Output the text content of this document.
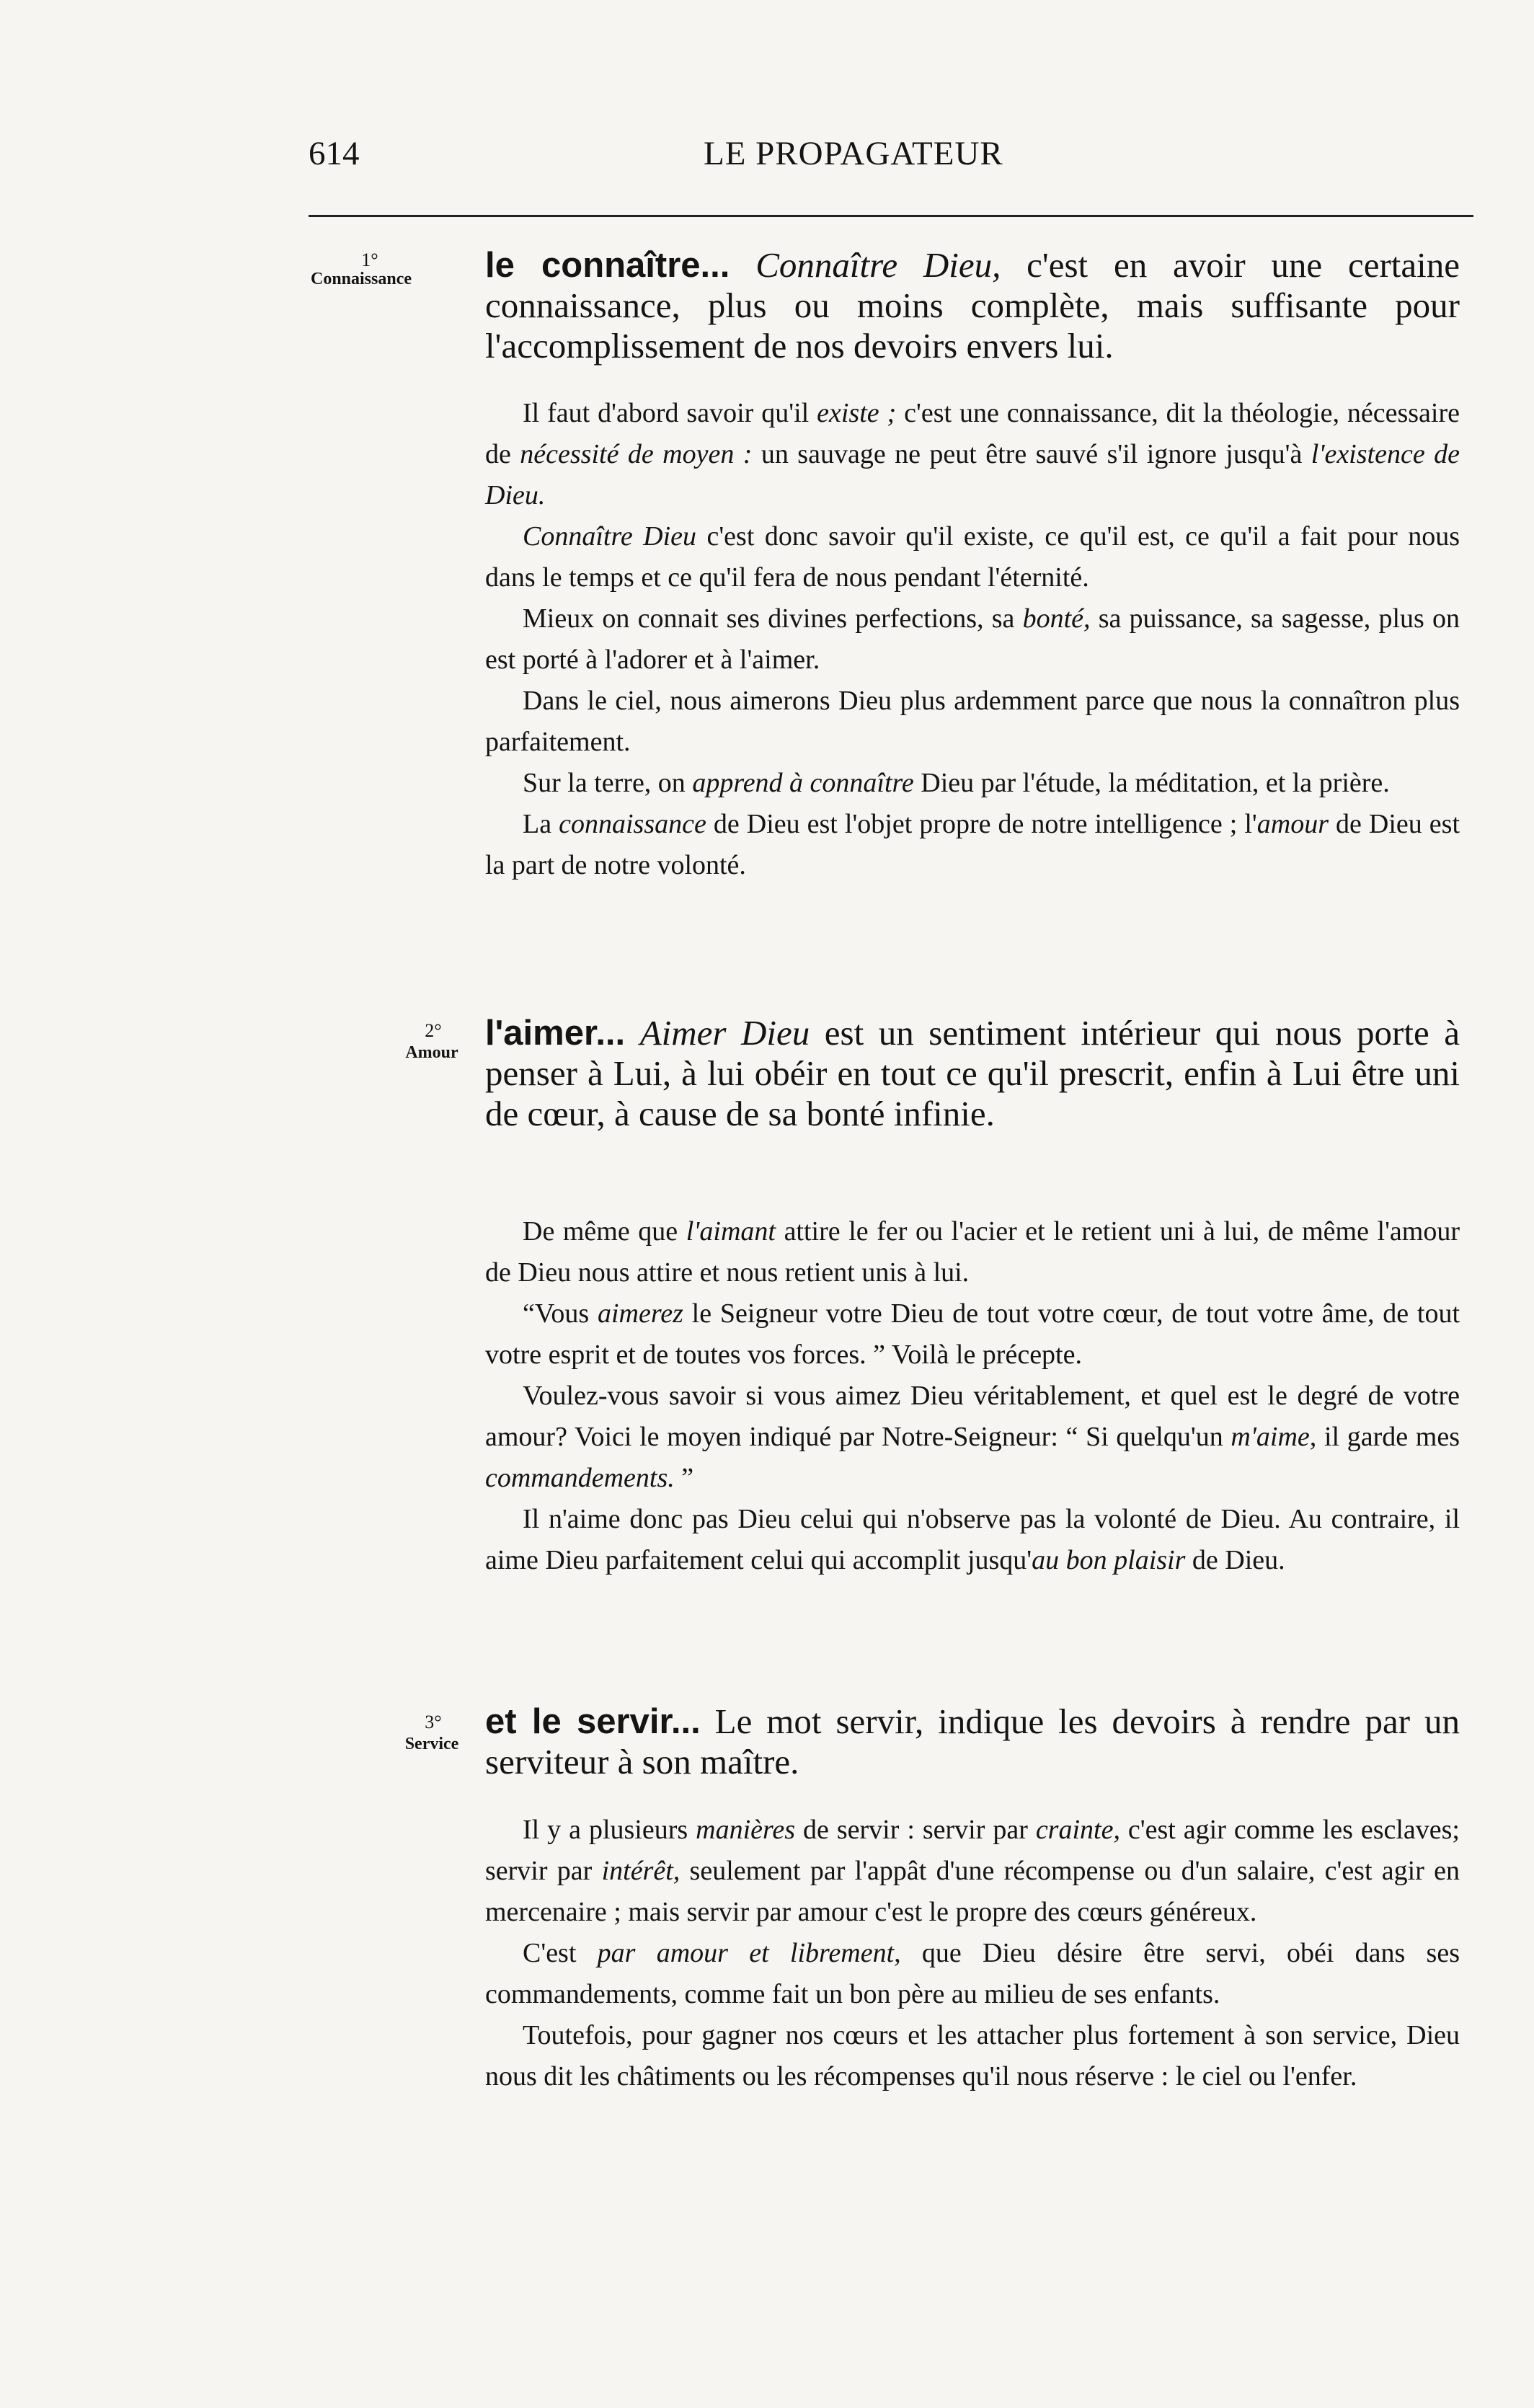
614	LE PROPAGATEUR
1°
Connaissance	le connaître... Connaître Dieu, c'est en avoir une certaine connaissance, plus ou moins complète, mais suffisante pour l'accomplissement de nos devoirs envers lui.

Il faut d'abord savoir qu'il existe ; c'est une connaissance, dit la théologie, nécessaire de nécessité de moyen : un sauvage ne peut être sauvé s'il ignore jusqu'à l'existence de Dieu.

Connaître Dieu c'est donc savoir qu'il existe, ce qu'il est, ce qu'il a fait pour nous dans le temps et ce qu'il fera de nous pendant l'éternité.

Mieux on connait ses divines perfections, sa bonté, sa puissance, sa sagesse, plus on est porté à l'adorer et à l'aimer.

Dans le ciel, nous aimerons Dieu plus ardemment parce que nous la connaîtron plus parfaitement.

Sur la terre, on apprend à connaître Dieu par l'étude, la méditation, et la prière.

La connaissance de Dieu est l'objet propre de notre intelligence ; l'amour de Dieu est la part de notre volonté.

2°
Amour l'aimer... Aimer Dieu est un sentiment intérieur qui nous porte à penser à Lui, à lui obéir en tout ce qu'il prescrit, enfin à Lui être uni de cœur, à cause de sa bonté infinie.

De même que l'aimant attire le fer ou l'acier et le retient uni à lui, de même l'amour de Dieu nous attire et nous retient unis à lui.

“Vous aimerez le Seigneur votre Dieu de tout votre cœur, de tout votre âme, de tout votre esprit et de toutes vos forces. ” Voilà le précepte.

Voulez-vous savoir si vous aimez Dieu véritablement, et quel est le degré de votre amour? Voici le moyen indiqué par Notre-Seigneur: “ Si quelqu'un m'aime, il garde mes commandements. ”

Il n'aime donc pas Dieu celui qui n'observe pas la volonté de Dieu. Au contraire, il aime Dieu parfaitement celui qui accomplit jusqu'au bon plaisir de Dieu.

3°
Service

et le servir... Le mot servir, indique les devoirs à rendre par un serviteur à son maître.

Il y a plusieurs manières de servir : servir par crainte, c'est agir comme les esclaves; servir par intérêt, seulement par l'appât d'une récompense ou d'un salaire, c'est agir en mercenaire ; mais servir par amour c'est le propre des cœurs généreux.

C'est par amour et librement, que Dieu désire être servi, obéi dans ses commandements, comme fait un bon père au milieu de ses enfants.

Toutefois, pour gagner nos cœurs et les attacher plus fortement à son service, Dieu nous dit les châtiments ou les récompenses qu'il nous réserve : le ciel ou l'enfer.
